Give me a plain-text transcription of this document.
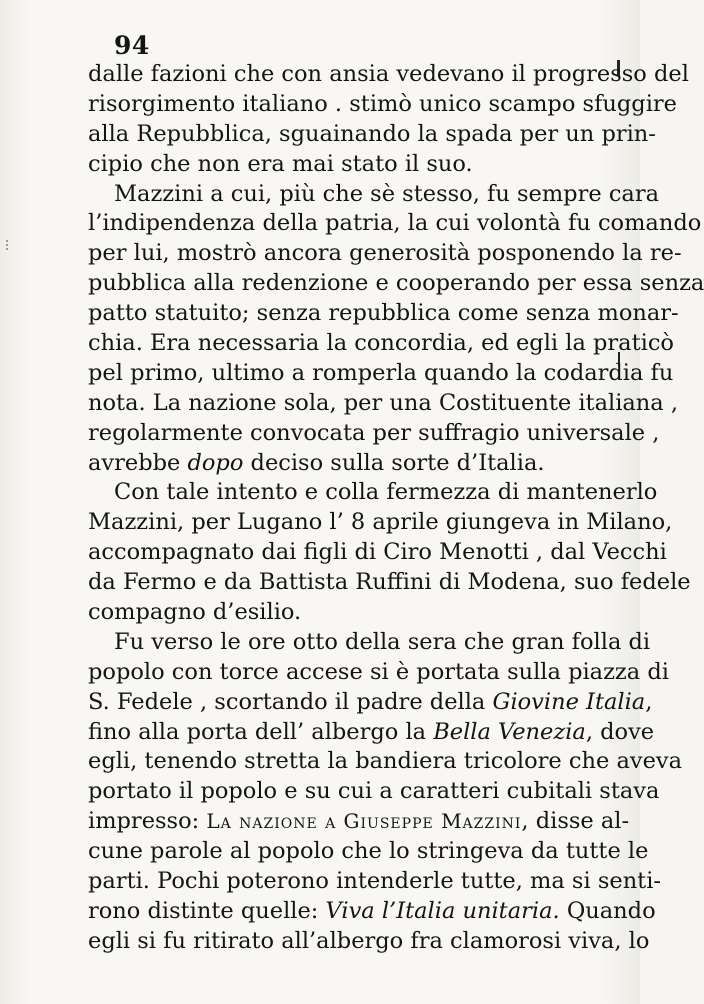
94
dalle fazioni che con ansia vedevano il progresso del
risorgimento italiano . stimò unico scampo sfuggire
alla Repubblica, sguainando la spada per un prin-
cipio che non era mai stato il suo.
Mazzini a cui, più che sè stesso, fu sempre cara
l’indipendenza della patria, la cui volontà fu comando
per lui, mostrò ancora generosità posponendo la re-
pubblica alla redenzione e cooperando per essa senza
patto statuito; senza repubblica come senza monar-
chia. Era necessaria la concordia, ed egli la praticò
pel primo, ultimo a romperla quando la codardia fu
nota. La nazione sola, per una Costituente italiana ,
regolarmente convocata per suffragio universale ,
avrebbe dopo deciso sulla sorte d’Italia.
Con tale intento e colla fermezza di mantenerlo
Mazzini, per Lugano l’ 8 aprile giungeva in Milano,
accompagnato dai figli di Ciro Menotti , dal Vecchi
da Fermo e da Battista Ruffini di Modena, suo fedele
compagno d’esilio.
Fu verso le ore otto della sera che gran folla di
popolo con torce accese si è portata sulla piazza di
S. Fedele , scortando il padre della Giovine Italia,
fino alla porta dell’ albergo la Bella Venezia, dove
egli, tenendo stretta la bandiera tricolore che aveva
portato il popolo e su cui a caratteri cubitali stava
impresso: La nazione a Giuseppe Mazzini, disse al-
cune parole al popolo che lo stringeva da tutte le
parti. Pochi poterono intenderle tutte, ma si senti-
rono distinte quelle: Viva l’Italia unitaria. Quando
egli si fu ritirato all’albergo fra clamorosi viva, lo
